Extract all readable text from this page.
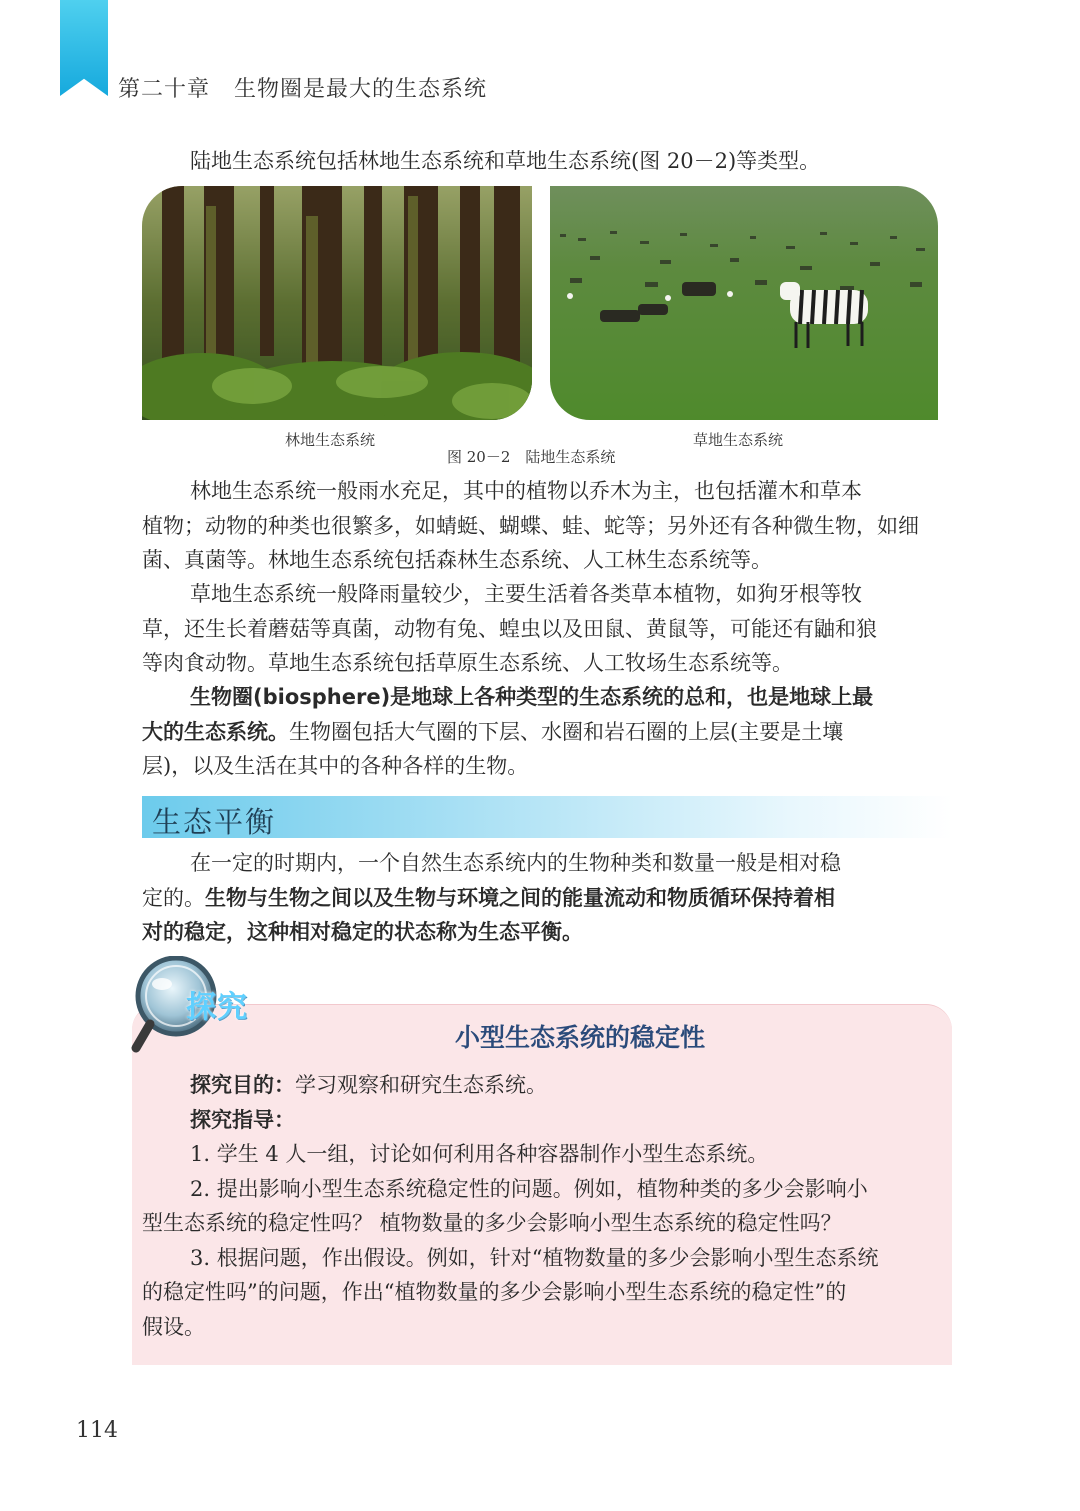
第二十章 生物圈是最大的生态系统
陆地生态系统包括林地生态系统和草地生态系统(图 20－2)等类型。
林地生态系统	草地生态系统
图 20－2　陆地生态系统
林地生态系统一般雨水充足，其中的植物以乔木为主，也包括灌木和草本
植物；动物的种类也很繁多，如蜻蜓、蝴蝶、蛙、蛇等；另外还有各种微生物，如细
菌、真菌等。林地生态系统包括森林生态系统、人工林生态系统等。
草地生态系统一般降雨量较少，主要生活着各类草本植物，如狗牙根等牧
草，还生长着蘑菇等真菌，动物有兔、蝗虫以及田鼠、黄鼠等，可能还有鼬和狼
等肉食动物。草地生态系统包括草原生态系统、人工牧场生态系统等。
生物圈(biosphere)是地球上各种类型的生态系统的总和，也是地球上最
大的生态系统。生物圈包括大气圈的下层、水圈和岩石圈的上层(主要是土壤
层)，以及生活在其中的各种各样的生物。
生态平衡
在一定的时期内，一个自然生态系统内的生物种类和数量一般是相对稳
定的。生物与生物之间以及生物与环境之间的能量流动和物质循环保持着相
对的稳定，这种相对稳定的状态称为生态平衡。
探究
小型生态系统的稳定性
探究目的：学习观察和研究生态系统。
探究指导：
1. 学生 4 人一组，讨论如何利用各种容器制作小型生态系统。
2. 提出影响小型生态系统稳定性的问题。例如，植物种类的多少会影响小
型生态系统的稳定性吗？ 植物数量的多少会影响小型生态系统的稳定性吗？
3. 根据问题，作出假设。例如，针对“植物数量的多少会影响小型生态系统
的稳定性吗”的问题，作出“植物数量的多少会影响小型生态系统的稳定性”的
假设。
114
